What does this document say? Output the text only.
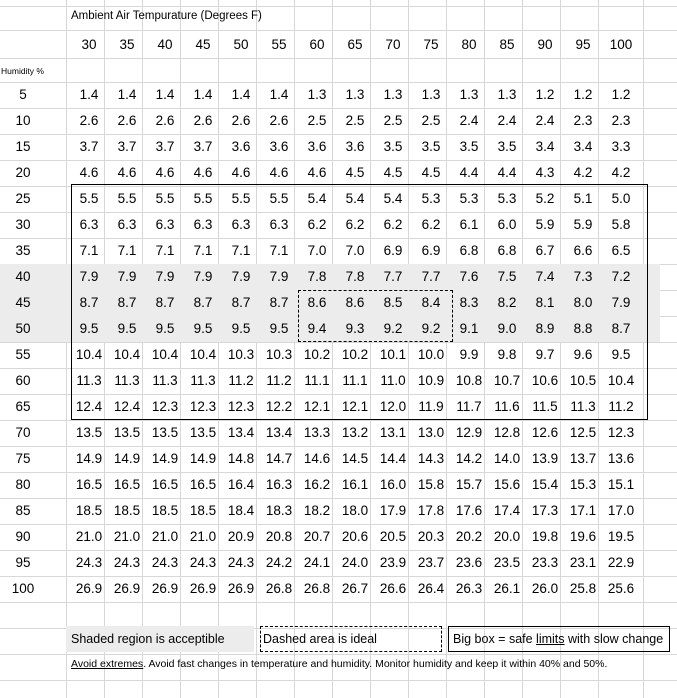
30	35	40	45	50	55	60	65	70	75	80	85	90	95	100
5	1.4	1.4	1.4	1.4	1.4	1.4	1.3	1.3	1.3	1.3	1.3	1.3	1.2	1.2	1.2
10	2.6	2.6	2.6	2.6	2.6	2.6	2.5	2.5	2.5	2.5	2.4	2.4	2.4	2.3	2.3
15	3.7	3.7	3.7	3.7	3.6	3.6	3.6	3.6	3.5	3.5	3.5	3.5	3.4	3.4	3.3
20	4.6	4.6	4.6	4.6	4.6	4.6	4.6	4.5	4.5	4.5	4.4	4.4	4.3	4.2	4.2
25	5.5	5.5	5.5	5.5	5.5	5.5	5.4	5.4	5.4	5.3	5.3	5.3	5.2	5.1	5.0
30	6.3	6.3	6.3	6.3	6.3	6.3	6.2	6.2	6.2	6.2	6.1	6.0	5.9	5.9	5.8
35	7.1	7.1	7.1	7.1	7.1	7.1	7.0	7.0	6.9	6.9	6.8	6.8	6.7	6.6	6.5
40	7.9	7.9	7.9	7.9	7.9	7.9	7.8	7.8	7.7	7.7	7.6	7.5	7.4	7.3	7.2
45	8.7	8.7	8.7	8.7	8.7	8.7	8.6	8.6	8.5	8.4	8.3	8.2	8.1	8.0	7.9
50	9.5	9.5	9.5	9.5	9.5	9.5	9.4	9.3	9.2	9.2	9.1	9.0	8.9	8.8	8.7
55	10.4 10.4 10.4 10.4 10.3 10.3 10.2 10.2 10.1 10.0	9.9	9.8	9.7	9.6	9.5
60	11.3 11.3 11.3 11.3 11.2 11.2 11.1 11.1 11.0 10.9 10.8 10.7 10.6 10.5 10.4
65	12.4 12.4 12.3 12.3 12.3 12.2 12.1 12.1 12.0 11.9 11.7 11.6 11.5 11.3 11.2
70	13.5 13.5 13.5 13.5 13.4 13.4 13.3 13.2 13.1 13.0 12.9 12.8 12.6 12.5 12.3
75	14.9 14.9 14.9 14.9 14.8 14.7 14.6 14.5 14.4 14.3 14.2 14.0 13.9 13.7 13.6
80	16.5 16.5 16.5 16.5 16.4 16.3 16.2 16.1 16.0 15.8 15.7 15.6 15.4 15.3 15.1
85	18.5 18.5 18.5 18.5 18.4 18.3 18.2 18.0 17.9 17.8 17.6 17.4 17.3 17.1 17.0
90	21.0 21.0 21.0 21.0 20.9 20.8 20.7 20.6 20.5 20.3 20.2 20.0 19.8 19.6 19.5
95	24.3 24.3 24.3 24.3 24.3 24.2 24.1 24.0 23.9 23.7 23.6 23.5 23.3 23.1 22.9
100	26.9 26.9 26.9 26.9 26.9 26.8 26.8 26.7 26.6 26.4 26.3 26.1 26.0 25.8 25.6
Ambient Air Tempurature (Degrees F)
Humidity %
Shaded region is acceptible	Dashed area is ideal	Big box = safe limits with slow change
Avoid extremes. Avoid fast changes in temperature and humidity. Monitor humidity and keep it within 40% and 50%.
